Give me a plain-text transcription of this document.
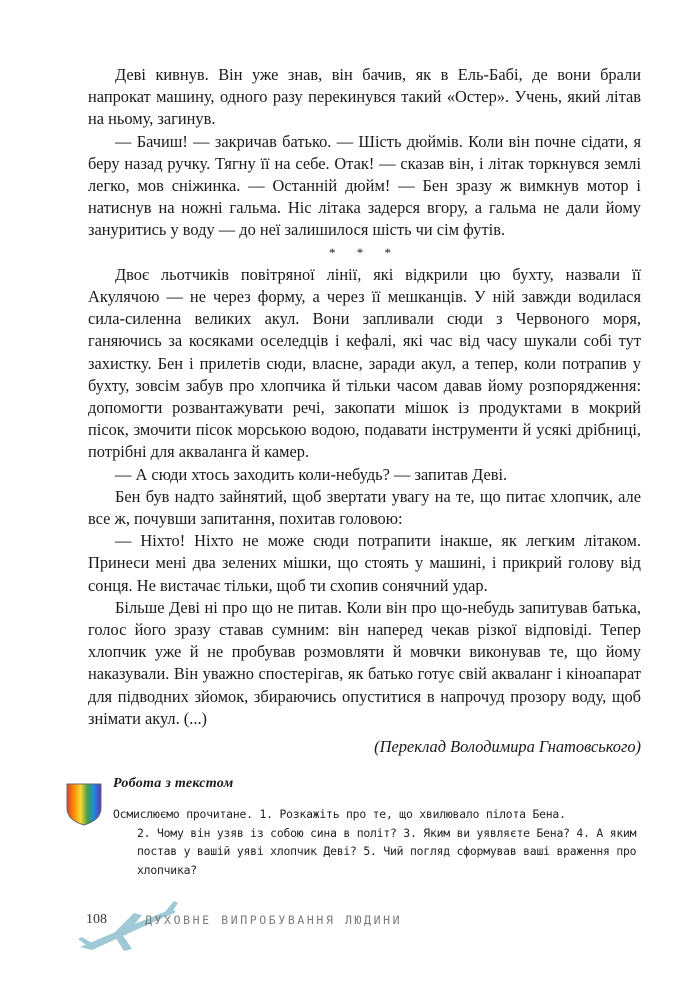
Деві кивнув. Він уже знав, він бачив, як в Ель-Бабі, де вони брали напрокат машину, одного разу перекинувся такий «Остер». Учень, який літав на ньому, загинув.

— Бачиш! — закричав батько. — Шість дюймів. Коли він почне сідати, я беру назад ручку. Тягну її на себе. Отак! — сказав він, і літак торкнувся землі легко, мов сніжинка. — Останній дюйм! — Бен зразу ж вимкнув мотор і натиснув на ножні гальма. Ніс літака задерся вгору, а гальма не дали йому зануритись у воду — до неї залишилося шість чи сім футів.

* * *

Двоє льотчиків повітряної лінії, які відкрили цю бухту, назвали її Акулячою — не через форму, а через її мешканців. У ній завжди водилася сила-силенна великих акул. Вони запливали сюди з Червоного моря, ганяючись за косяками оселедців і кефалі, які час від часу шукали собі тут захистку. Бен і прилетів сюди, власне, заради акул, а тепер, коли потрапив у бухту, зовсім забув про хлопчика й тільки часом давав йому розпорядження: допомогти розвантажувати речі, закопати мішок із продуктами в мокрий пісок, змочити пісок морською водою, подавати інструменти й усякі дрібниці, потрібні для акваланга й камер.

— А сюди хтось заходить коли-небудь? — запитав Деві.

Бен був надто зайнятий, щоб звертати увагу на те, що питає хлопчик, але все ж, почувши запитання, похитав головою:

— Ніхто! Ніхто не може сюди потрапити інакше, як легким літаком. Принеси мені два зелених мішки, що стоять у машині, і прикрий голову від сонця. Не вистачає тільки, щоб ти схопив сонячний удар.

Більше Деві ні про що не питав. Коли він про що-небудь запитував батька, голос його зразу ставав сумним: він наперед чекав різкої відповіді. Тепер хлопчик уже й не пробував розмовляти й мовчки виконував те, що йому наказували. Він уважно спостерігав, як батько готує свій акваланг і кіноапарат для підводних зйомок, збираючись опуститися в напрочуд прозору воду, щоб знімати акул. (...)

(Переклад Володимира Гнатовського)

Робота з текстом
Осмислюємо прочитане. 1. Розкажіть про те, що хвилювало пілота Бена.
2. Чому він узяв із собою сина в політ? 3. Яким ви уявляєте Бена? 4. А яким постав у вашій уяві хлопчик Деві? 5. Чий погляд сформував ваші враження про хлопчика?
108	ДУХОВНЕ ВИПРОБУВАННЯ ЛЮДИНИ
